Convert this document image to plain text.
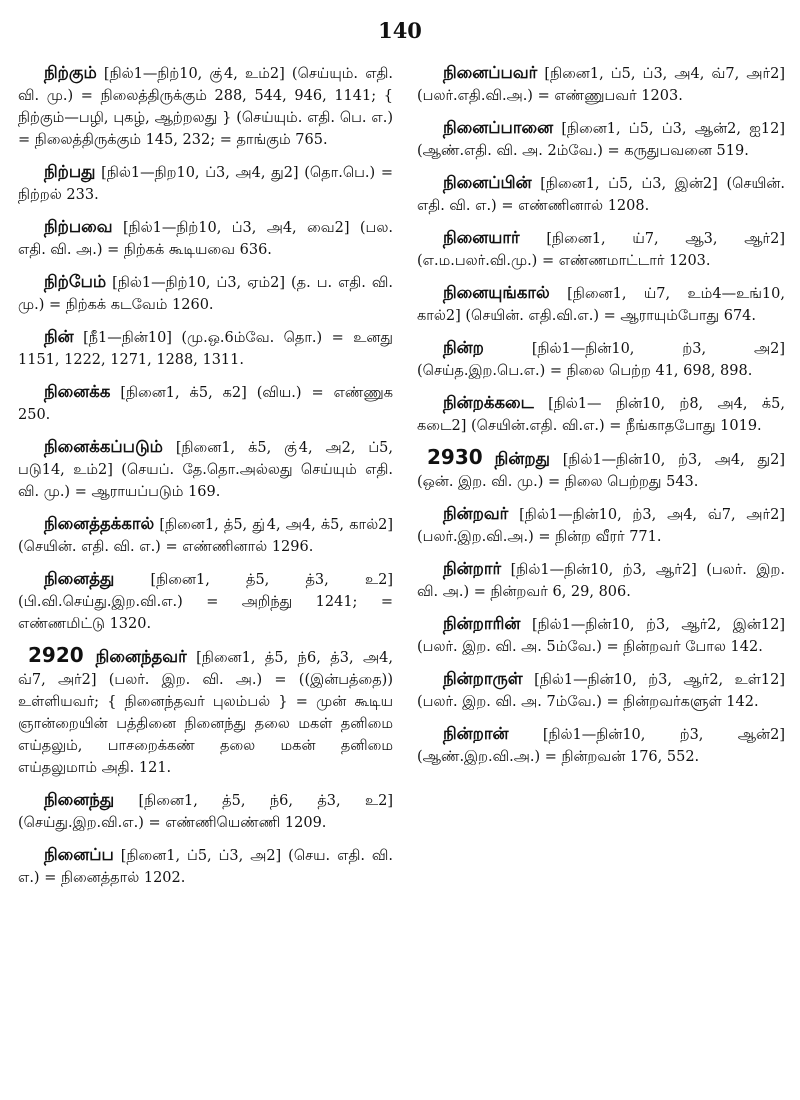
140
நிற்கும் [நில்1—நிற்10, கு்4, உம்2] (செய்யும். எதி. வி. மு.) = நிலைத்திருக்கும் 288, 544, 946, 1141; { நிற்கும்—பழி, புகழ், ஆற்றலது } (செய்யும். எதி. பெ. எ.) = நிலைத்திருக்கும் 145, 232; = தாங்கும் 765.
நிற்பது [நில்1—நிற10, ப்3, அ4, து2] (தொ.பெ.) = நிற்றல் 233.
நிற்பவை [நில்1—நிற்10, ப்3, அ4, வை2] (பல. எதி. வி. அ.) = நிற்கக் கூடியவை 636.
நிற்பேம் [நில்1—நிற்10, ப்3, ஏம்2] (த. ப. எதி. வி. மு.) = நிற்கக் கடவேம் 1260.
நின் [நீ1—நின்10] (மு.ஒ.6ம்வே. தொ.) = உனது 1151, 1222, 1271, 1288, 1311.
நினைக்க [நினை1, க்5, க2] (விய.) = எண்ணுக 250.
நினைக்கப்படும் [நினை1, க்5, கு்4, அ2, ப்5, படு14, உம்2] (செயப். தே.தொ.அல்லது செய்யும் எதி. வி. மு.) = ஆராயப்படும் 169.
நினைத்தக்கால் [நினை1, த்5, து்4, அ4, க்5, கால்2] (செயின். எதி. வி. எ.) = எண்ணினால் 1296.
நினைத்து [நினை1, த்5, த்3, உ2] (பி.வி.செய்து.இற.வி.எ.) = அறிந்து 1241; = எண்ணமிட்டு 1320.
2920 நினைந்தவர் [நினை1, த்5, ந்6, த்3, அ4, வ்7, அர்2] (பலர். இற. வி. அ.) = ((இன்பத்தை)) உள்ளியவர்; { நினைந்தவர் புலம்பல் } = முன் கூடிய ஞான்றையின் பத்தினை நினைந்து தலை மகள் தனிமை எய்தலும், பாசறைக்கண் தலை மகன் தனிமை எய்தலுமாம் அதி. 121.
நினைந்து [நினை1, த்5, ந்6, த்3, உ2] (செய்து.இற.வி.எ.) = எண்ணியெண்ணி 1209.
நினைப்ப [நினை1, ப்5, ப்3, அ2] (செய. எதி. வி. எ.) = நினைத்தால் 1202.
நினைப்பவர் [நினை1, ப்5, ப்3, அ4, வ்7, அர்2] (பலர்.எதி.வி.அ.) = எண்ணுபவர் 1203.
நினைப்பானை [நினை1, ப்5, ப்3, ஆன்2, ஐ12] (ஆண்.எதி. வி. அ. 2ம்வே.) = கருதுபவனை 519.
நினைப்பின் [நினை1, ப்5, ப்3, இன்2] (செயின். எதி. வி. எ.) = எண்ணினால் 1208.
நினையார் [நினை1, ய்7, ஆ3, ஆர்2] (எ.ம.பலர்.வி.மு.) = எண்ணமாட்டார் 1203.
நினையுங்கால் [நினை1, ய்7, உம்4—உங்10, கால்2] (செயின். எதி.வி.எ.) = ஆராயும்போது 674.
நின்ற [நில்1—நின்10, ற்3, அ2] (செய்த.இற.பெ.எ.) = நிலை பெற்ற 41, 698, 898.
நின்றக்கடை [நில்1— நின்10, ற்8, அ4, க்5, கடை2] (செயின்.எதி. வி.எ.) = நீங்காதபோது 1019.
2930 நின்றது [நில்1—நின்10, ற்3, அ4, து2] (ஒன். இற. வி. மு.) = நிலை பெற்றது 543.
நின்றவர் [நில்1—நின்10, ற்3, அ4, வ்7, அர்2] (பலர்.இற.வி.அ.) = நின்ற வீரர் 771.
நின்றார் [நில்1—நின்10, ற்3, ஆர்2] (பலர். இற. வி. அ.) = நின்றவர் 6, 29, 806.
நின்றாரின் [நில்1—நின்10, ற்3, ஆர்2, இன்12] (பலர். இற. வி. அ. 5ம்வே.) = நின்றவர் போல 142.
நின்றாருள் [நில்1—நின்10, ற்3, ஆர்2, உள்12] (பலர். இற. வி. அ. 7ம்வே.) = நின்றவர்களுள் 142.
நின்றான் [நில்1—நின்10, ற்3, ஆன்2] (ஆண்.இற.வி.அ.) = நின்றவன் 176, 552.
